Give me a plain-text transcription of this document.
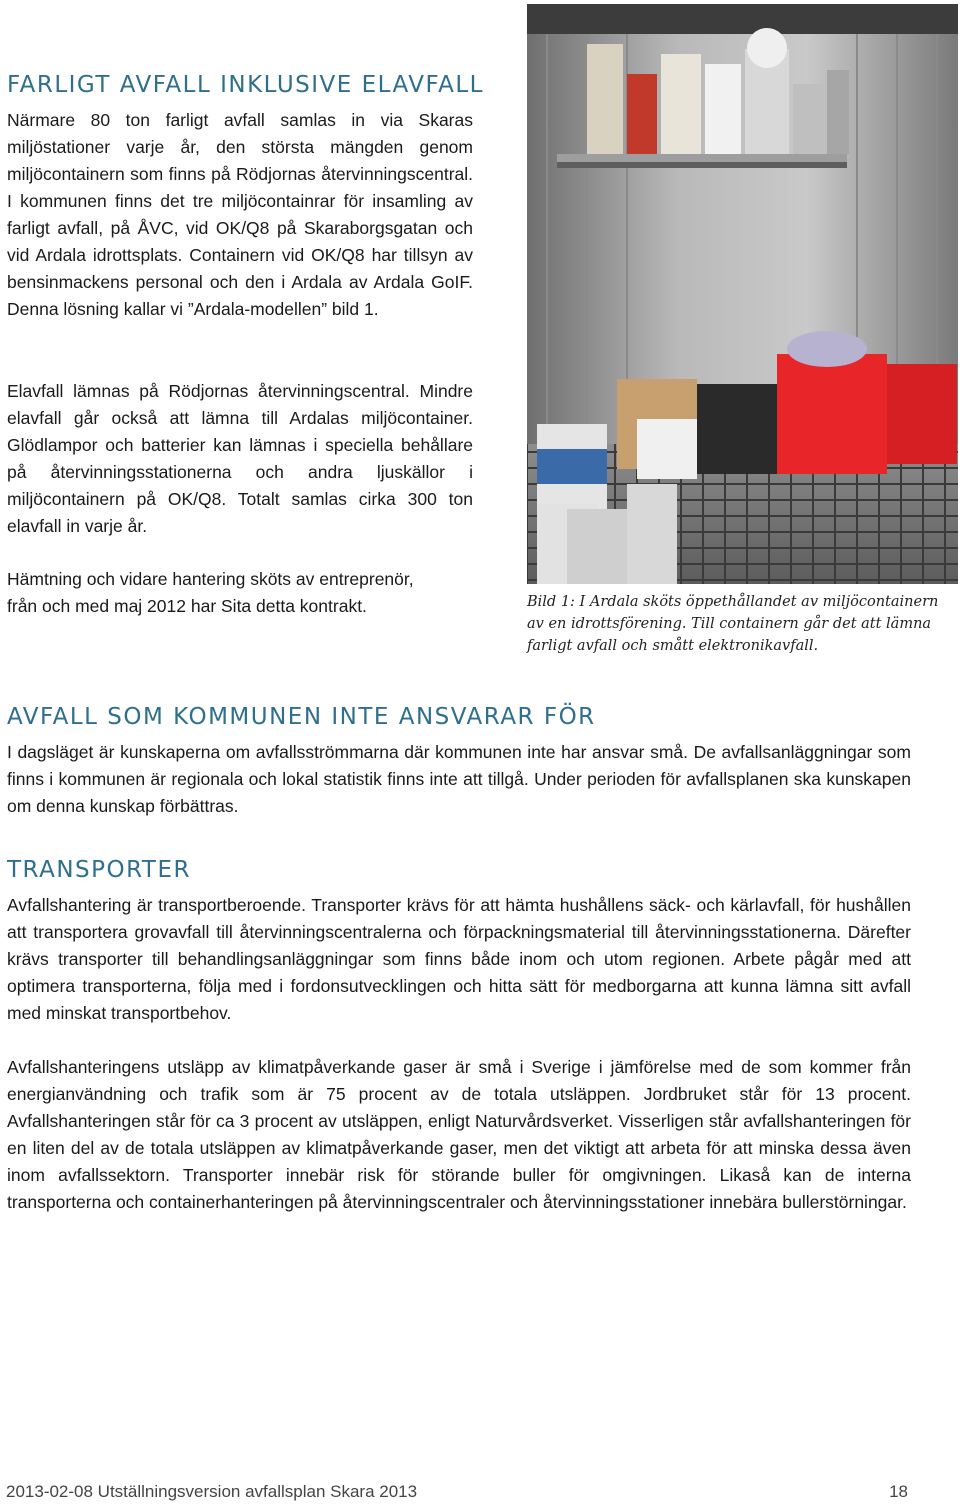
FARLIGT AVFALL INKLUSIVE ELAVFALL

Närmare 80 ton farligt avfall samlas in via Skaras miljöstationer varje år, den största mängden genom miljöcontainern som finns på Rödjornas återvinningscentral. I kommunen finns det tre miljöcontainrar för insamling av farligt avfall, på ÅVC, vid OK/Q8 på Skaraborgsgatan och vid Ardala idrottsplats. Containern vid OK/Q8 har tillsyn av bensinmackens personal och den i Ardala av Ardala GoIF. Denna lösning kallar vi ”Ardala-modellen” bild 1.

Elavfall lämnas på Rödjornas återvinningscentral. Mindre elavfall går också att lämna till Ardalas miljöcontainer. Glödlampor och batterier kan lämnas i speciella behållare på återvinningsstationerna och andra ljuskällor i miljöcontainern på OK/Q8. Totalt samlas cirka 300 ton elavfall in varje år.

Hämtning och vidare hantering sköts av entreprenör,
från och med maj 2012 har Sita detta kontrakt.	Bild 1: I Ardala sköts öppethållandet av miljöcontainern av en idrottsförening. Till containern går det att lämna farligt avfall och smått elektronikavfall.

AVFALL SOM KOMMUNEN INTE ANSVARAR FÖR

I dagsläget är kunskaperna om avfallsströmmarna där kommunen inte har ansvar små. De avfallsanläggningar som finns i kommunen är regionala och lokal statistik finns inte att tillgå. Under perioden för avfallsplanen ska kunskapen om denna kunskap förbättras.

TRANSPORTER

Avfallshantering är transportberoende. Transporter krävs för att hämta hushållens säck- och kärlavfall, för hushållen att transportera grovavfall till återvinningscentralerna och förpackningsmaterial till återvinningsstationerna. Därefter krävs transporter till behandlingsanläggningar som finns både inom och utom regionen. Arbete pågår med att optimera transporterna, följa med i fordonsutvecklingen och hitta sätt för medborgarna att kunna lämna sitt avfall med minskat transportbehov.

Avfallshanteringens utsläpp av klimatpåverkande gaser är små i Sverige i jämförelse med de som kommer från energianvändning och trafik som är 75 procent av de totala utsläppen. Jordbruket står för 13 procent. Avfallshanteringen står för ca 3 procent av utsläppen, enligt Naturvårdsverket. Visserligen står avfallshanteringen för en liten del av de totala utsläppen av klimatpåverkande gaser, men det viktigt att arbeta för att minska dessa även inom avfallssektorn. Transporter innebär risk för störande buller för omgivningen. Likaså kan de interna transporterna och containerhanteringen på återvinningscentraler och återvinningsstationer innebära bullerstörningar.

2013-02-08 Utställningsversion avfallsplan Skara 2013	18
